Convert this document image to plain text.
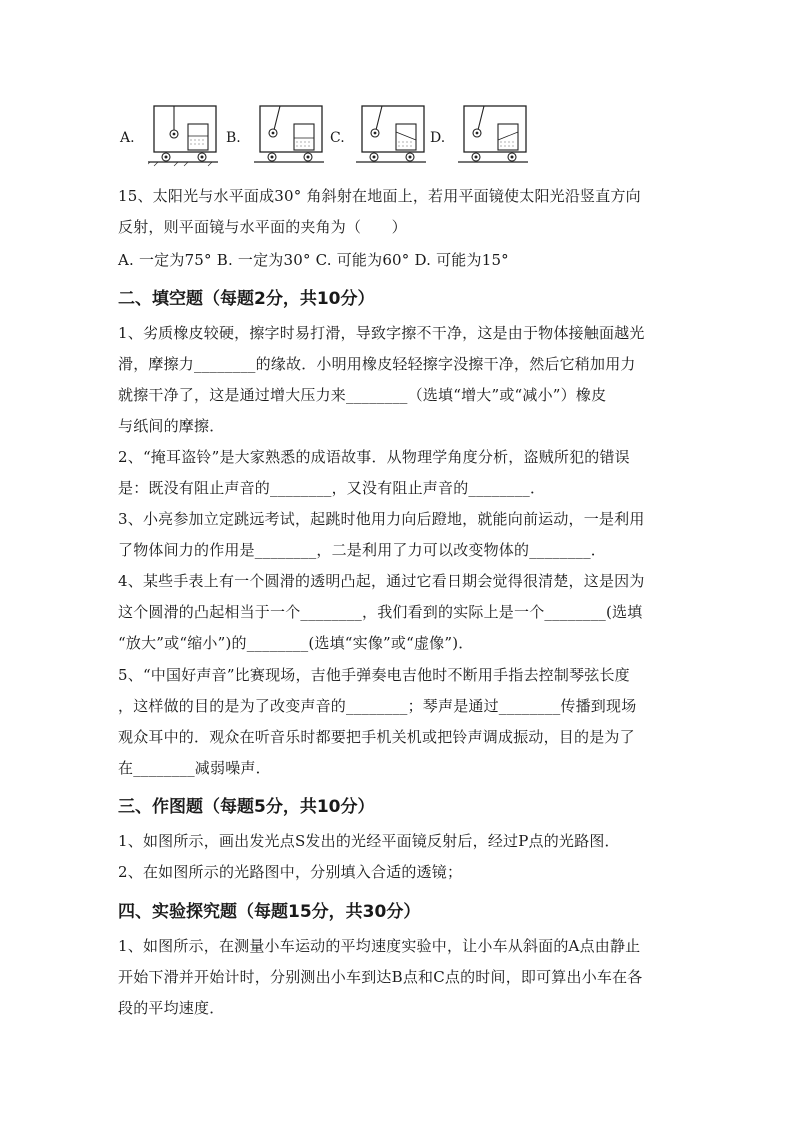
A.	B.	C.	D.
15、太阳光与水平面成30° 角斜射在地面上，若用平面镜使太阳光沿竖直方向
反射，则平面镜与水平面的夹角为（　　）
A. 一定为75° B. 一定为30° C. 可能为60° D. 可能为15°
二、填空题（每题2分，共10分）
1、劣质橡皮较硬，擦字时易打滑，导致字擦不干净，这是由于物体接触面越光
滑，摩擦力________的缘故．小明用橡皮轻轻擦字没擦干净，然后它稍加用力
就擦干净了，这是通过增大压力来________（选填“增大”或“减小”）橡皮
与纸间的摩擦．
2、“掩耳盗铃”是大家熟悉的成语故事．从物理学角度分析，盗贼所犯的错误
是：既没有阻止声音的________，又没有阻止声音的________．
3、小亮参加立定跳远考试，起跳时他用力向后蹬地，就能向前运动，一是利用
了物体间力的作用是________，二是利用了力可以改变物体的________．
4、某些手表上有一个圆滑的透明凸起，通过它看日期会觉得很清楚，这是因为
这个圆滑的凸起相当于一个________，我们看到的实际上是一个________(选填
“放大”或“缩小”)的________(选填“实像”或“虚像”)．
5、“中国好声音”比赛现场，吉他手弹奏电吉他时不断用手指去控制琴弦长度
，这样做的目的是为了改变声音的________；琴声是通过________传播到现场
观众耳中的．观众在听音乐时都要把手机关机或把铃声调成振动，目的是为了
在________减弱噪声．
三、作图题（每题5分，共10分）
1、如图所示，画出发光点S发出的光经平面镜反射后，经过P点的光路图．
2、在如图所示的光路图中，分别填入合适的透镜；
四、实验探究题（每题15分，共30分）
1、如图所示，在测量小车运动的平均速度实验中，让小车从斜面的A点由静止
开始下滑并开始计时，分别测出小车到达B点和C点的时间，即可算出小车在各
段的平均速度．
